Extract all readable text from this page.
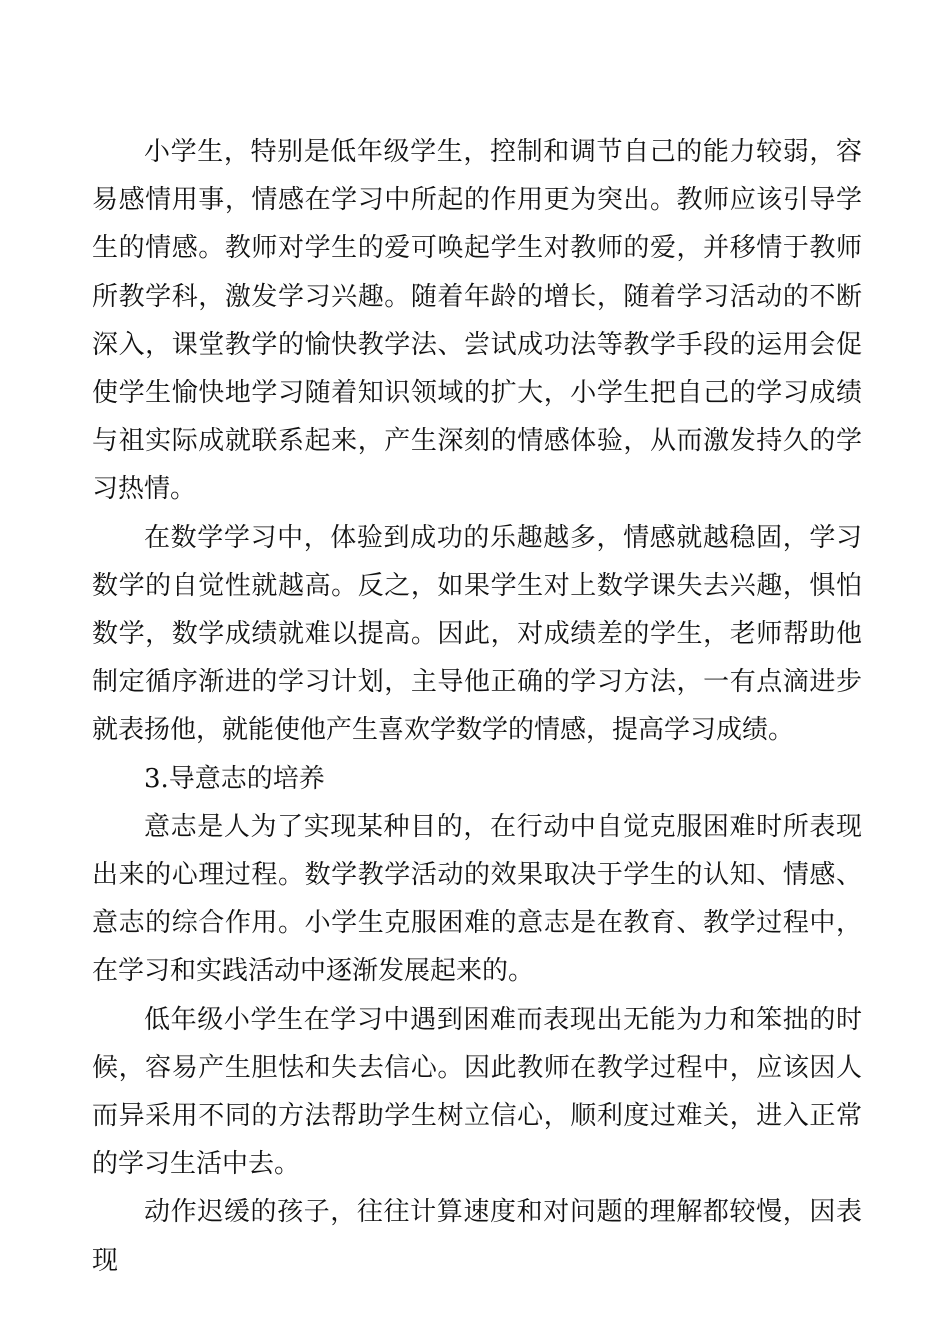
小学生，特别是低年级学生，控制和调节自己的能力较弱，容易感情用事，情感在学习中所起的作用更为突出。教师应该引导学生的情感。教师对学生的爱可唤起学生对教师的爱，并移情于教师所教学科，激发学习兴趣。随着年龄的增长，随着学习活动的不断深入，课堂教学的愉快教学法、尝试成功法等教学手段的运用会促使学生愉快地学习随着知识领域的扩大，小学生把自己的学习成绩与祖实际成就联系起来，产生深刻的情感体验，从而激发持久的学习热情。

在数学学习中，体验到成功的乐趣越多，情感就越稳固，学习数学的自觉性就越高。反之，如果学生对上数学课失去兴趣，惧怕数学，数学成绩就难以提高。因此，对成绩差的学生，老师帮助他制定循序渐进的学习计划，主导他正确的学习方法，一有点滴进步就表扬他，就能使他产生喜欢学数学的情感，提高学习成绩。

3.导意志的培养

意志是人为了实现某种目的，在行动中自觉克服困难时所表现出来的心理过程。数学教学活动的效果取决于学生的认知、情感、意志的综合作用。小学生克服困难的意志是在教育、教学过程中，在学习和实践活动中逐渐发展起来的。

低年级小学生在学习中遇到困难而表现出无能为力和笨拙的时候，容易产生胆怯和失去信心。因此教师在教学过程中，应该因人而异采用不同的方法帮助学生树立信心，顺利度过难关，进入正常的学习生活中去。

动作迟缓的孩子，往往计算速度和对问题的理解都较慢，因表现
